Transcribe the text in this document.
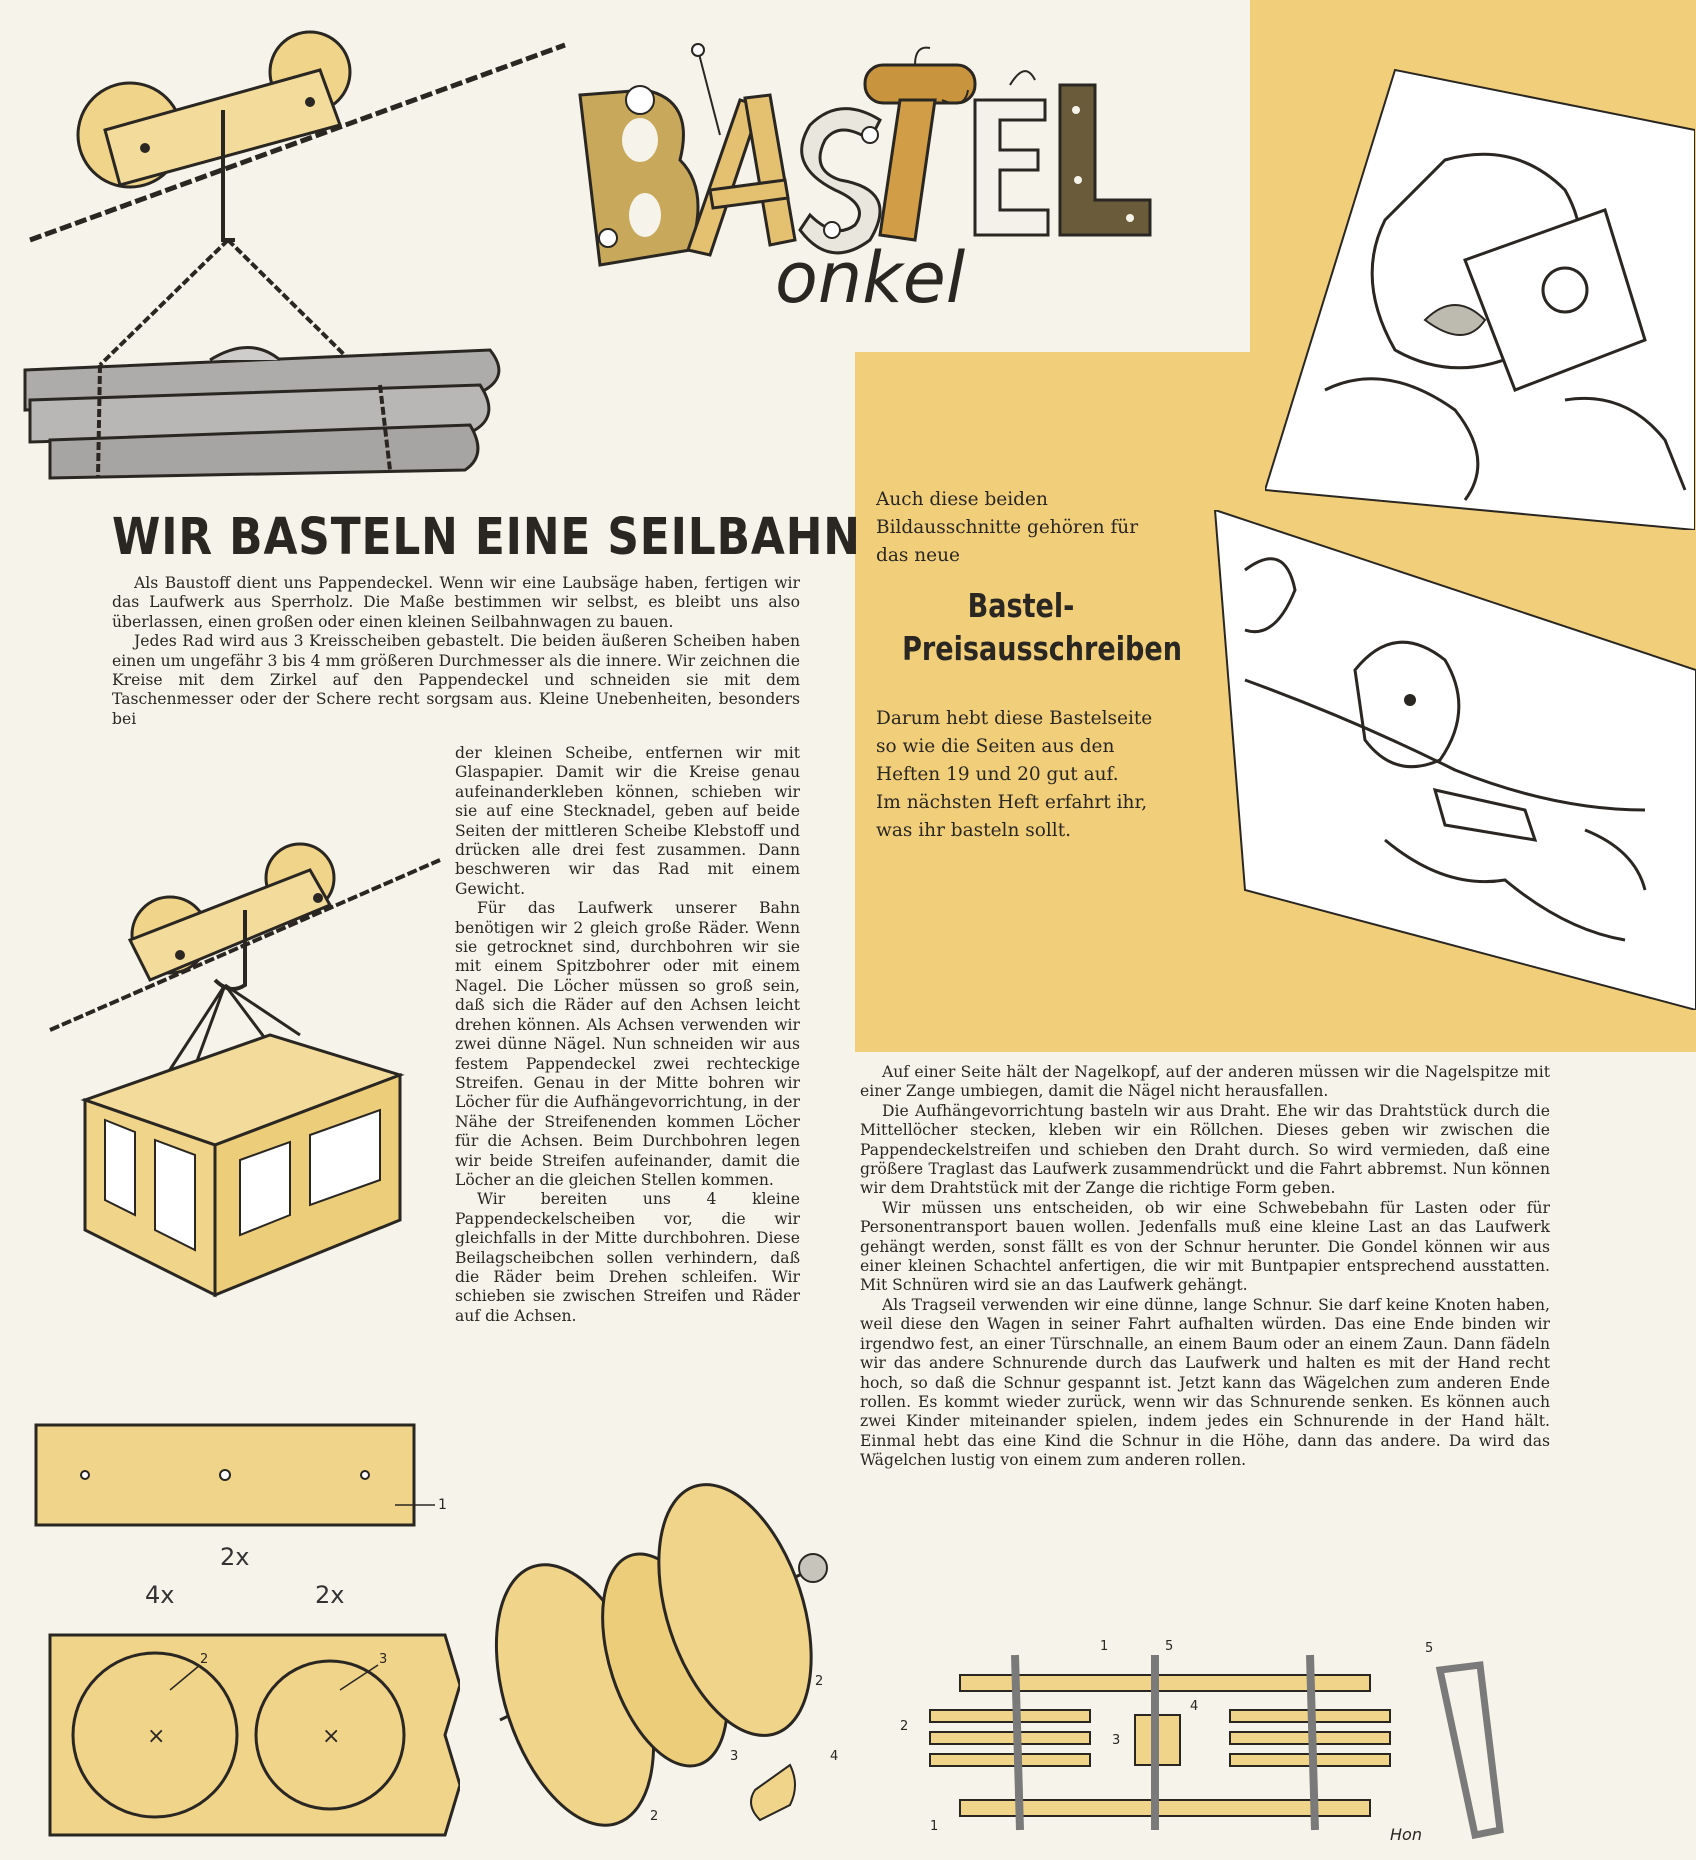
onkel
WIR BASTELN EINE SEILBAHN

Als Baustoff dient uns Pappendeckel. Wenn wir eine Laubsäge haben, fertigen wir das Laufwerk aus Sperrholz. Die Maße bestimmen wir selbst, es bleibt uns also überlassen, einen großen oder einen kleinen Seilbahnwagen zu bauen.

Jedes Rad wird aus 3 Kreisscheiben gebastelt. Die beiden äußeren Scheiben haben einen um ungefähr 3 bis 4 mm größeren Durchmesser als die innere. Wir zeichnen die Kreise mit dem Zirkel auf den Pappendeckel und schneiden sie mit dem Taschenmesser oder der Schere recht sorgsam aus. Kleine Unebenheiten, besonders bei

der kleinen Scheibe, entfernen wir mit Glaspapier. Damit wir die Kreise genau aufeinanderkleben können, schieben wir sie auf eine Stecknadel, geben auf beide Seiten der mittleren Scheibe Klebstoff und drücken alle drei fest zusammen. Dann beschweren wir das Rad mit einem Gewicht.

Für das Laufwerk unserer Bahn benötigen wir 2 gleich große Räder. Wenn sie getrocknet sind, durchbohren wir sie mit einem Spitzbohrer oder mit einem Nagel. Die Löcher müssen so groß sein, daß sich die Räder auf den Achsen leicht drehen können. Als Achsen verwenden wir zwei dünne Nägel. Nun schneiden wir aus festem Pappendeckel zwei rechteckige Streifen. Genau in der Mitte bohren wir Löcher für die Aufhängevorrichtung, in der Nähe der Streifenenden kommen Löcher für die Achsen. Beim Durchbohren legen wir beide Streifen aufeinander, damit die Löcher an die gleichen Stellen kommen.

Wir bereiten uns 4 kleine Pappendeckelscheiben vor, die wir gleichfalls in der Mitte durchbohren. Diese Beilagscheibchen sollen verhindern, daß die Räder beim Drehen schleifen. Wir schieben sie zwischen Streifen und Räder auf die Achsen.

Auch diese beiden Bildausschnitte gehören für das neue
Bastel-Preisausschreiben
Darum hebt diese Bastelseite so wie die Seiten aus den Heften 19 und 20 gut auf.
Im nächsten Heft erfahrt ihr, was ihr basteln sollt.

Auf einer Seite hält der Nagelkopf, auf der anderen müssen wir die Nagelspitze mit einer Zange umbiegen, damit die Nägel nicht herausfallen.

Die Aufhängevorrichtung basteln wir aus Draht. Ehe wir das Drahtstück durch die Mittellöcher stecken, kleben wir ein Röllchen. Dieses geben wir zwischen die Pappendeckelstreifen und schieben den Draht durch. So wird vermieden, daß eine größere Traglast das Laufwerk zusammendrückt und die Fahrt abbremst. Nun können wir dem Drahtstück mit der Zange die richtige Form geben.

Wir müssen uns entscheiden, ob wir eine Schwebebahn für Lasten oder für Personentransport bauen wollen. Jedenfalls muß eine kleine Last an das Laufwerk gehängt werden, sonst fällt es von der Schnur herunter. Die Gondel können wir aus einer kleinen Schachtel anfertigen, die wir mit Buntpapier entsprechend ausstatten. Mit Schnüren wird sie an das Laufwerk gehängt.

Als Tragseil verwenden wir eine dünne, lange Schnur. Sie darf keine Knoten haben, weil diese den Wagen in seiner Fahrt aufhalten würden. Das eine Ende binden wir irgendwo fest, an einer Türschnalle, an einem Baum oder an einem Zaun. Dann fädeln wir das andere Schnurende durch das Laufwerk und halten es mit der Hand recht hoch, so daß die Schnur gespannt ist. Jetzt kann das Wägelchen zum anderen Ende rollen. Es kommt wieder zurück, wenn wir das Schnurende senken. Es können auch zwei Kinder miteinander spielen, indem jedes ein Schnurende in der Hand hält. Einmal hebt das eine Kind die Schnur in die Höhe, dann das andere. Da wird das Wägelchen lustig von einem zum anderen rollen.

1
2x
4x	2x
×	×
2	3
2
3
2
4
1
2
3
4
5	5
1	Hon
